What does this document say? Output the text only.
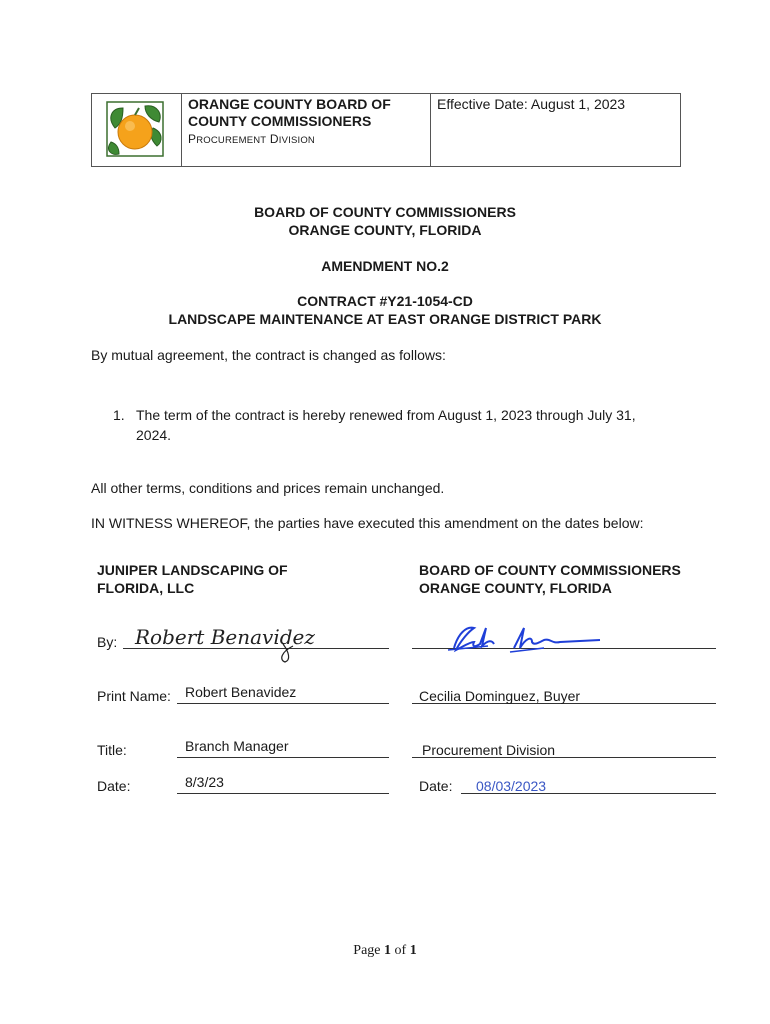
ORANGE COUNTY BOARD OF
COUNTY COMMISSIONERS
PROCUREMENT DIVISION
Effective Date: August 1, 2023
BOARD OF COUNTY COMMISSIONERS
ORANGE COUNTY, FLORIDA
AMENDMENT NO.2
CONTRACT #Y21-1054-CD
LANDSCAPE MAINTENANCE AT EAST ORANGE DISTRICT PARK
By mutual agreement, the contract is changed as follows:
1. The term of the contract is hereby renewed from August 1, 2023 through July 31,
2024.
All other terms, conditions and prices remain unchanged.
IN WITNESS WHEREOF, the parties have executed this amendment on the dates below:
JUNIPER LANDSCAPING OF
FLORIDA, LLC
BOARD OF COUNTY COMMISSIONERS
ORANGE COUNTY, FLORIDA
By: Robert Benavidez
Print Name: Robert Benavidez	Cecilia Dominguez, Buyer
Title:	Branch Manager	Procurement Division
Date:	8/3/23	Date: 08/03/2023
Page 1 of 1
